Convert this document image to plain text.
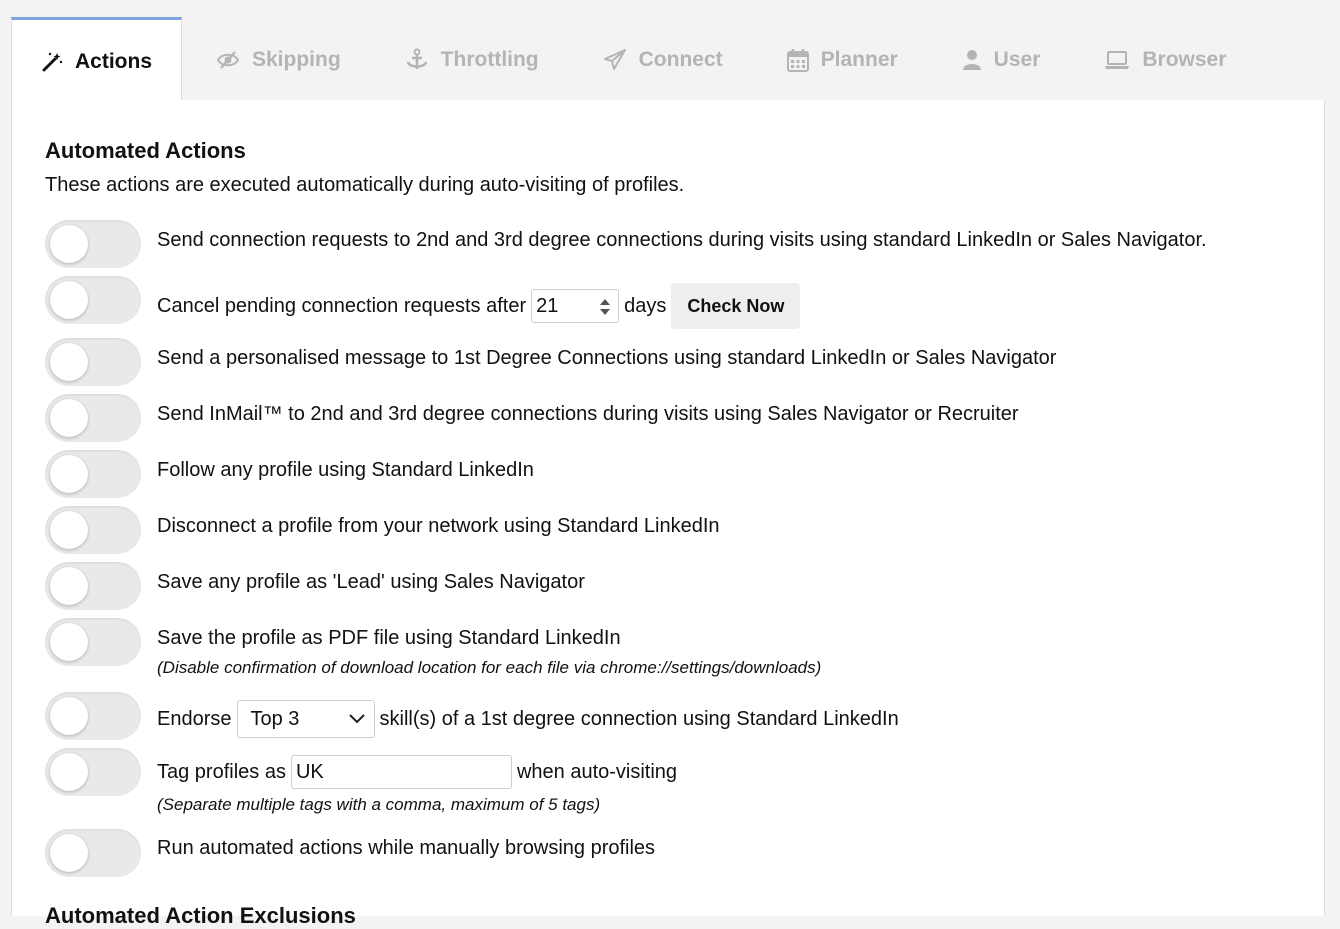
Actions	Skipping	Throttling	Connect	Planner	User	Browser
Automated Actions
These actions are executed automatically during auto-visiting of profiles.
Send connection requests to 2nd and 3rd degree connections during visits using standard LinkedIn or Sales Navigator.
Cancel pending connection requests after 21	days	Check Now
Send a personalised message to 1st Degree Connections using standard LinkedIn or Sales Navigator
Send InMail™ to 2nd and 3rd degree connections during visits using Sales Navigator or Recruiter
Follow any profile using Standard LinkedIn
Disconnect a profile from your network using Standard LinkedIn
Save any profile as 'Lead' using Sales Navigator
Save the profile as PDF file using Standard LinkedIn
(Disable confirmation of download location for each file via chrome://settings/downloads)
Endorse Top 3	skill(s) of a 1st degree connection using Standard LinkedIn
Tag profiles as UK	when auto-visiting
(Separate multiple tags with a comma, maximum of 5 tags)
Run automated actions while manually browsing profiles
Automated Action Exclusions
